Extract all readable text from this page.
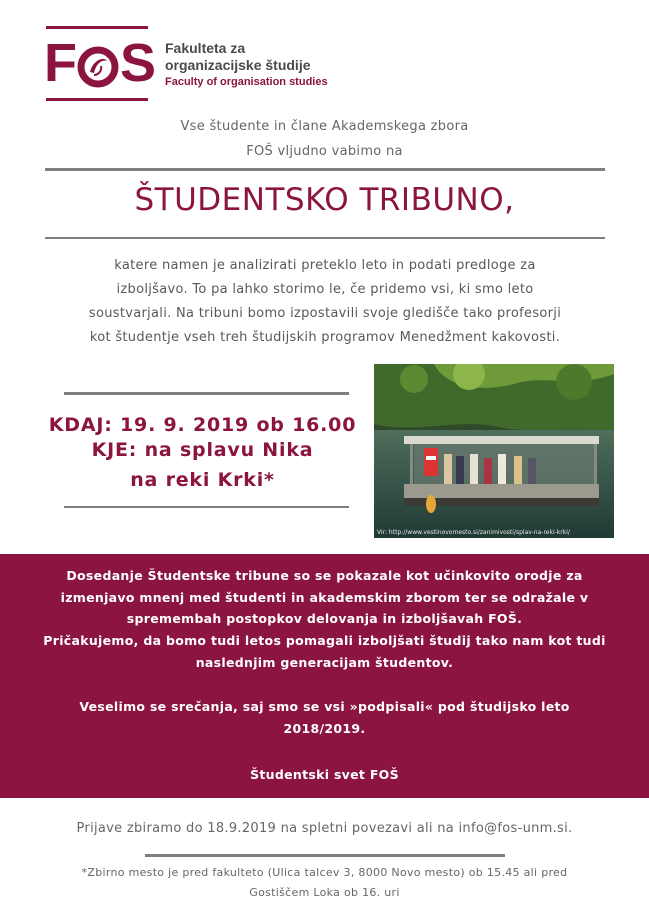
F S Fakulteta za
organizacijske študije
Faculty of organisation studies
Vse študente in člane Akademskega zbora
FOŠ vljudno vabimo na
ŠTUDENTSKO TRIBUNO,
katere namen je analizirati preteklo leto in podati predloge za
izboljšavo. To pa lahko storimo le, če pridemo vsi, ki smo leto
soustvarjali. Na tribuni bomo izpostavili svoje gledišče tako profesorji
kot študentje vseh treh študijskih programov Menedžment kakovosti.
KDAJ: 19. 9. 2019 ob 16.00
KJE: na splavu Nika
na reki Krki*
Vir: http://www.vestinovomesto.si/zanimivosti/splav-na-reki-krki/
Dosedanje Študentske tribune so se pokazale kot učinkovito orodje za
izmenjavo mnenj med študenti in akademskim zborom ter se odražale v
spremembah postopkov delovanja in izboljšavah FOŠ.
Pričakujemo, da bomo tudi letos pomagali izboljšati študij tako nam kot tudi
naslednjim generacijam študentov.
Veselimo se srečanja, saj smo se vsi »podpisali« pod študijsko leto
2018/2019.
Študentski svet FOŠ
Prijave zbiramo do 18.9.2019 na spletni povezavi ali na info@fos-unm.si.
*Zbirno mesto je pred fakulteto (Ulica talcev 3, 8000 Novo mesto) ob 15.45 ali pred
Gostiščem Loka ob 16. uri
